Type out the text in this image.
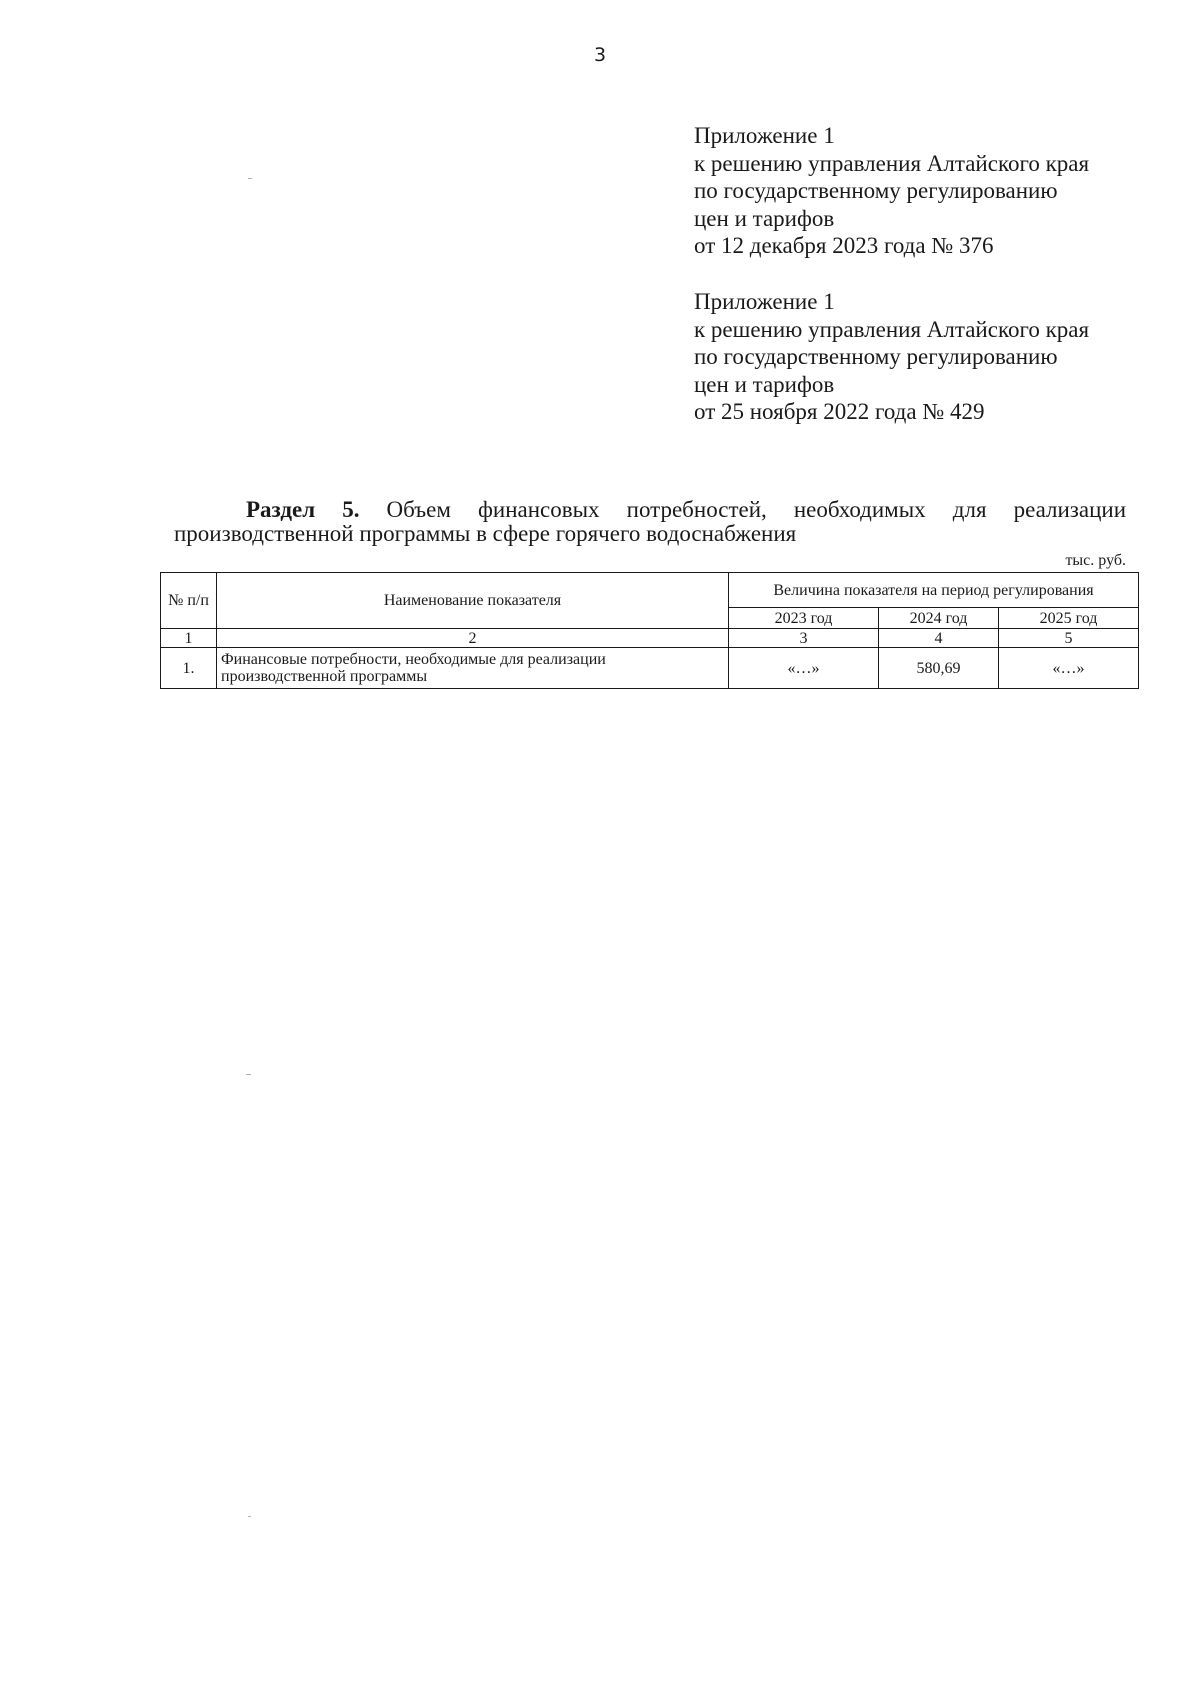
3
Приложение 1
к решению управления Алтайского края
по государственному регулированию
цен и тарифов
от 12 декабря 2023 года № 376
Приложение 1
к решению управления Алтайского края
по государственному регулированию
цен и тарифов
от 25 ноября 2022 года № 429
Раздел 5. Объем финансовых потребностей, необходимых для реализации производственной программы в сфере горячего водоснабжения
тыс. руб.
№ п/п	Наименование показателя	Величина показателя на период регулирования		
		2023 год	2024 год	2025 год
1	2	3	4	5
1.	Финансовые потребности, необходимые для реализации производственной программы	«…»	580,69	«…»
